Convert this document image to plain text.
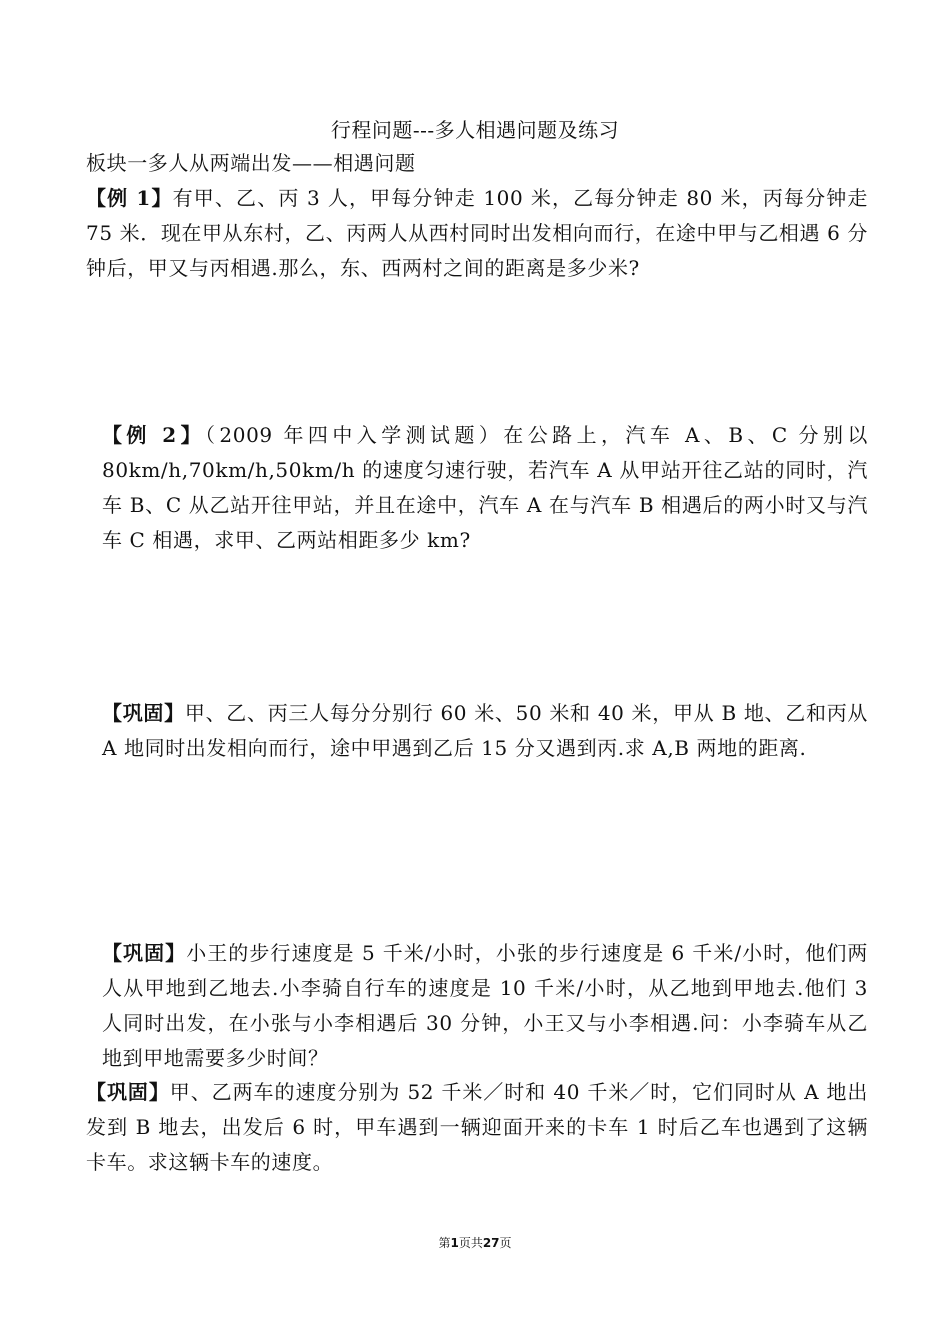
行程问题---多人相遇问题及练习
板块一多人从两端出发——相遇问题
【例 1】有甲、乙、丙 3 人，甲每分钟走 100 米，乙每分钟走 80 米，丙每分钟走 75 米．现在甲从东村，乙、丙两人从西村同时出发相向而行，在途中甲与乙相遇 6 分钟后，甲又与丙相遇.那么，东、西两村之间的距离是多少米?
【例 2】（2009 年四中入学测试题）在公路上，汽车 A、B、C 分别以 80km/h,70km/h,50km/h 的速度匀速行驶，若汽车 A 从甲站开往乙站的同时，汽车 B、C 从乙站开往甲站，并且在途中，汽车 A 在与汽车 B 相遇后的两小时又与汽车 C 相遇，求甲、乙两站相距多少 km?
【巩固】甲、乙、丙三人每分分别行 60 米、50 米和 40 米，甲从 B 地、乙和丙从 A 地同时出发相向而行，途中甲遇到乙后 15 分又遇到丙.求 A,B 两地的距离.
【巩固】小王的步行速度是 5 千米/小时，小张的步行速度是 6 千米/小时，他们两人从甲地到乙地去.小李骑自行车的速度是 10 千米/小时，从乙地到甲地去.他们 3 人同时出发，在小张与小李相遇后 30 分钟，小王又与小李相遇.问：小李骑车从乙地到甲地需要多少时间？
【巩固】甲、乙两车的速度分别为 52 千米／时和 40 千米／时，它们同时从 A 地出发到 B 地去，出发后 6 时，甲车遇到一辆迎面开来的卡车 1 时后乙车也遇到了这辆卡车。求这辆卡车的速度。
第1页共27页
